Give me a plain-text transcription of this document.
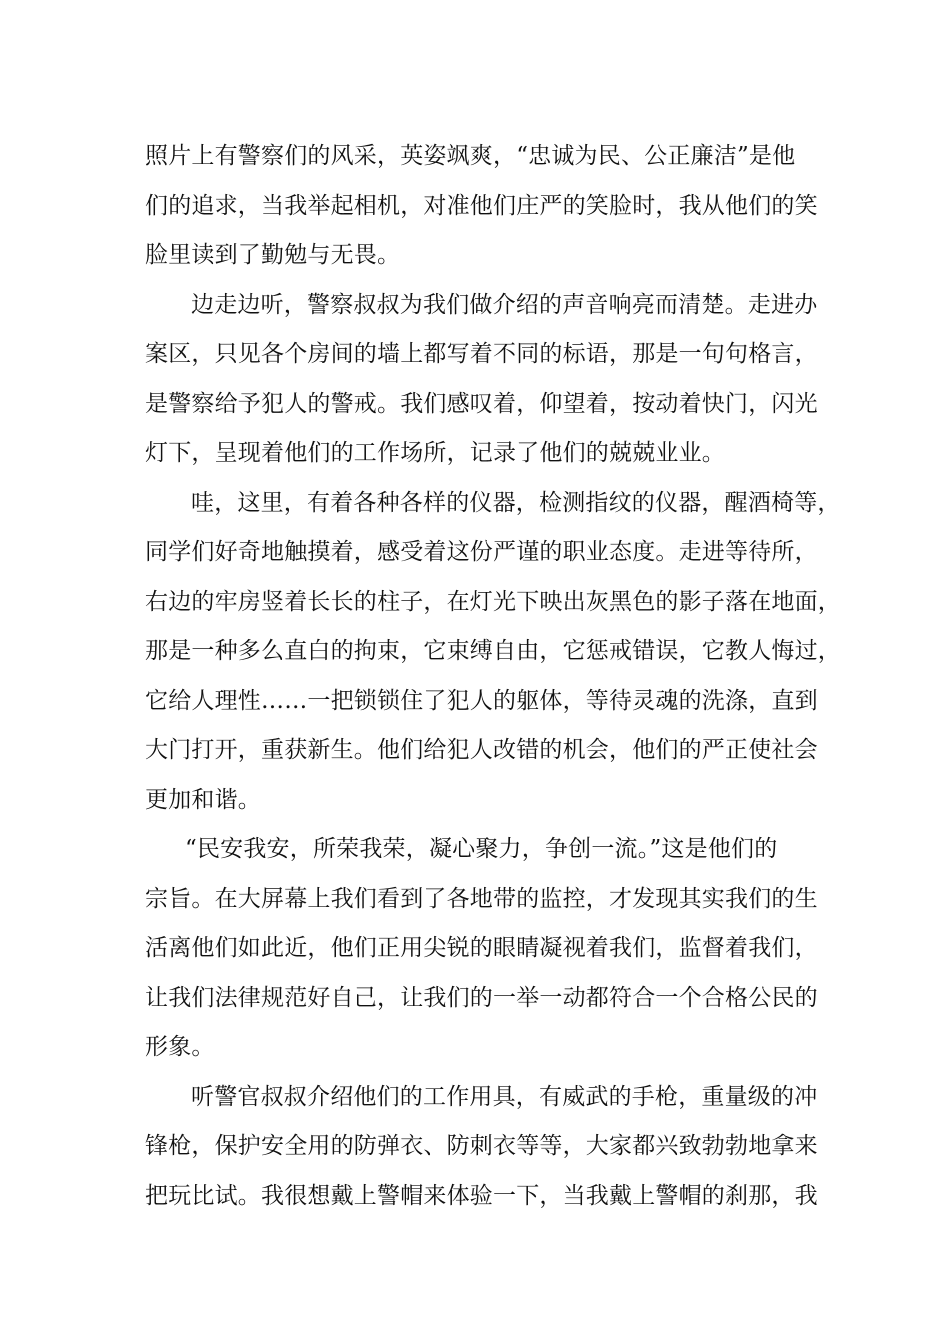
照片上有警察们的风采，英姿飒爽，“忠诚为民、公正廉洁”是他
们的追求，当我举起相机，对准他们庄严的笑脸时，我从他们的笑
脸里读到了勤勉与无畏。
边走边听，警察叔叔为我们做介绍的声音响亮而清楚。走进办
案区，只见各个房间的墙上都写着不同的标语，那是一句句格言，
是警察给予犯人的警戒。我们感叹着，仰望着，按动着快门，闪光
灯下，呈现着他们的工作场所，记录了他们的兢兢业业。
哇，这里，有着各种各样的仪器，检测指纹的仪器，醒酒椅等，
同学们好奇地触摸着，感受着这份严谨的职业态度。走进等待所，
右边的牢房竖着长长的柱子，在灯光下映出灰黑色的影子落在地面，
那是一种多么直白的拘束，它束缚自由，它惩戒错误，它教人悔过，
它给人理性……一把锁锁住了犯人的躯体，等待灵魂的洗涤，直到
大门打开，重获新生。他们给犯人改错的机会，他们的严正使社会
更加和谐。
“民安我安，所荣我荣，凝心聚力，争创一流。”这是他们的
宗旨。在大屏幕上我们看到了各地带的监控，才发现其实我们的生
活离他们如此近，他们正用尖锐的眼睛凝视着我们，监督着我们，
让我们法律规范好自己，让我们的一举一动都符合一个合格公民的
形象。
听警官叔叔介绍他们的工作用具，有威武的手枪，重量级的冲
锋枪，保护安全用的防弹衣、防刺衣等等，大家都兴致勃勃地拿来
把玩比试。我很想戴上警帽来体验一下，当我戴上警帽的刹那，我
